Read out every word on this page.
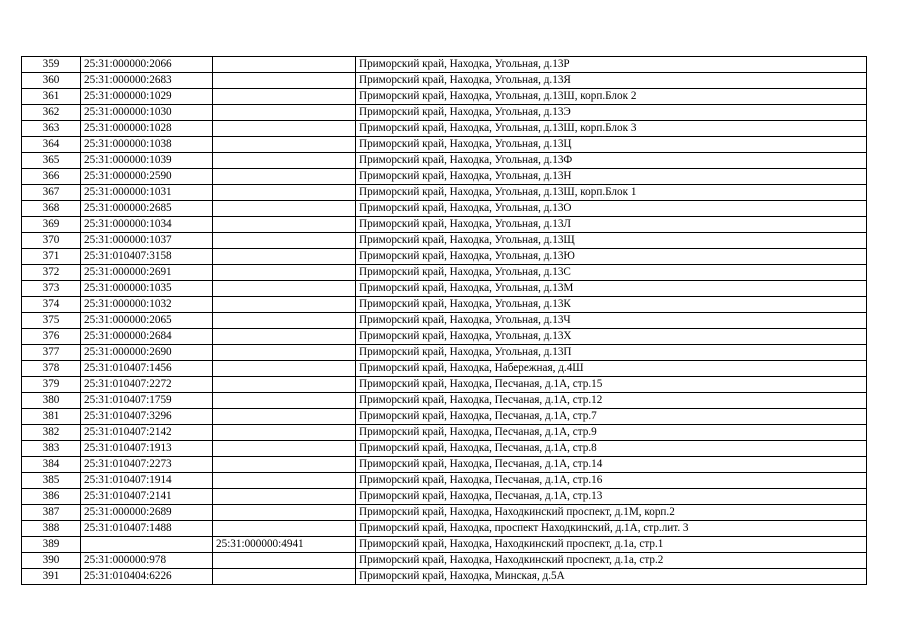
359	25:31:000000:2066		Приморский край, Находка, Угольная, д.13Р
360	25:31:000000:2683		Приморский край, Находка, Угольная, д.13Я
361	25:31:000000:1029		Приморский край, Находка, Угольная, д.13Ш, корп.Блок 2
362	25:31:000000:1030		Приморский край, Находка, Угольная, д.13Э
363	25:31:000000:1028		Приморский край, Находка, Угольная, д.13Ш, корп.Блок 3
364	25:31:000000:1038		Приморский край, Находка, Угольная, д.13Ц
365	25:31:000000:1039		Приморский край, Находка, Угольная, д.13Ф
366	25:31:000000:2590		Приморский край, Находка, Угольная, д.13Н
367	25:31:000000:1031		Приморский край, Находка, Угольная, д.13Ш, корп.Блок 1
368	25:31:000000:2685		Приморский край, Находка, Угольная, д.13О
369	25:31:000000:1034		Приморский край, Находка, Угольная, д.13Л
370	25:31:000000:1037		Приморский край, Находка, Угольная, д.13Щ
371	25:31:010407:3158		Приморский край, Находка, Угольная, д.13Ю
372	25:31:000000:2691		Приморский край, Находка, Угольная, д.13С
373	25:31:000000:1035		Приморский край, Находка, Угольная, д.13М
374	25:31:000000:1032		Приморский край, Находка, Угольная, д.13К
375	25:31:000000:2065		Приморский край, Находка, Угольная, д.13Ч
376	25:31:000000:2684		Приморский край, Находка, Угольная, д.13Х
377	25:31:000000:2690		Приморский край, Находка, Угольная, д.13П
378	25:31:010407:1456		Приморский край, Находка, Набережная, д.4Ш
379	25:31:010407:2272		Приморский край, Находка, Песчаная, д.1А, стр.15
380	25:31:010407:1759		Приморский край, Находка, Песчаная, д.1А, стр.12
381	25:31:010407:3296		Приморский край, Находка, Песчаная, д.1А, стр.7
382	25:31:010407:2142		Приморский край, Находка, Песчаная, д.1А, стр.9
383	25:31:010407:1913		Приморский край, Находка, Песчаная, д.1А, стр.8
384	25:31:010407:2273		Приморский край, Находка, Песчаная, д.1А, стр.14
385	25:31:010407:1914		Приморский край, Находка, Песчаная, д.1А, стр.16
386	25:31:010407:2141		Приморский край, Находка, Песчаная, д.1А, стр.13
387	25:31:000000:2689		Приморский край, Находка, Находкинский проспект, д.1М, корп.2
388	25:31:010407:1488		Приморский край, Находка, проспект Находкинский, д.1А, стр.лит. 3
389		25:31:000000:4941	Приморский край, Находка, Находкинский проспект, д.1а, стр.1
390	25:31:000000:978		Приморский край, Находка, Находкинский проспект, д.1а, стр.2
391	25:31:010404:6226		Приморский край, Находка, Минская, д.5А
